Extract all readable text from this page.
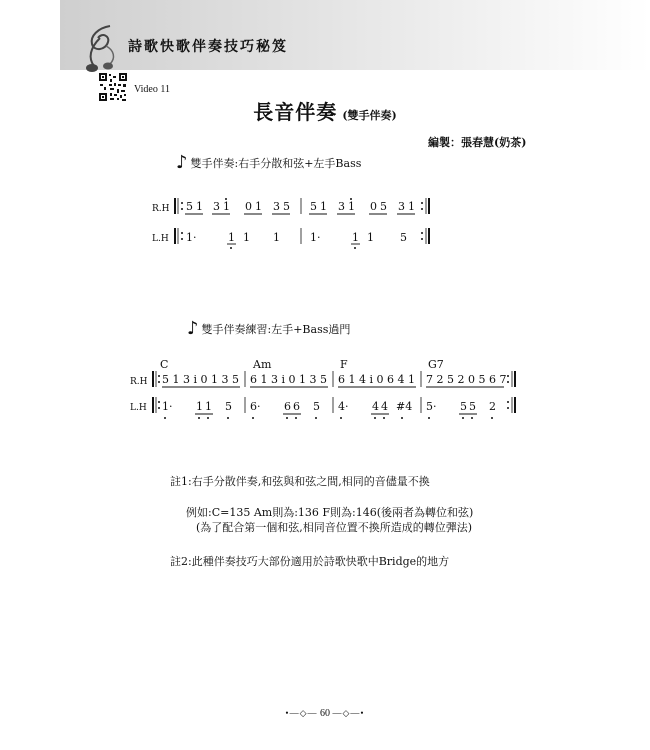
詩歌快歌伴奏技巧秘笈
Video 11
長音伴奏 (雙手伴奏)
編製：張春慧(奶茶)
♪ 雙手伴奏:右手分散和弦+左手Bass
♪ 雙手伴奏練習:左手+Bass過門
R.H
L.H
5 1 3 1 0 1 3 5 5 1 3 1 0 5 3 1
1·	1 1 1	1·	1 1 5
R.H
L.H
C	Am	F	G7
5 1 3 i 0 1 3 5 6 1 3 i 0 1 3 5 6 1 4 i 0 6 4 1 7 2 5 2 0 5 6 7
1· 1 1 5 6· 6 6 5 4· 4 4 #4 5· 5 5 2
註1:右手分散伴奏,和弦與和弦之間,相同的音儘量不換
例如:C=135 Am則為:136 F則為:146(後兩者為轉位和弦)
(為了配合第一個和弦,相同音位置不換所造成的轉位彈法)
註2:此種伴奏技巧大部份適用於詩歌快歌中Bridge的地方
•—◇— 60 —◇—•
